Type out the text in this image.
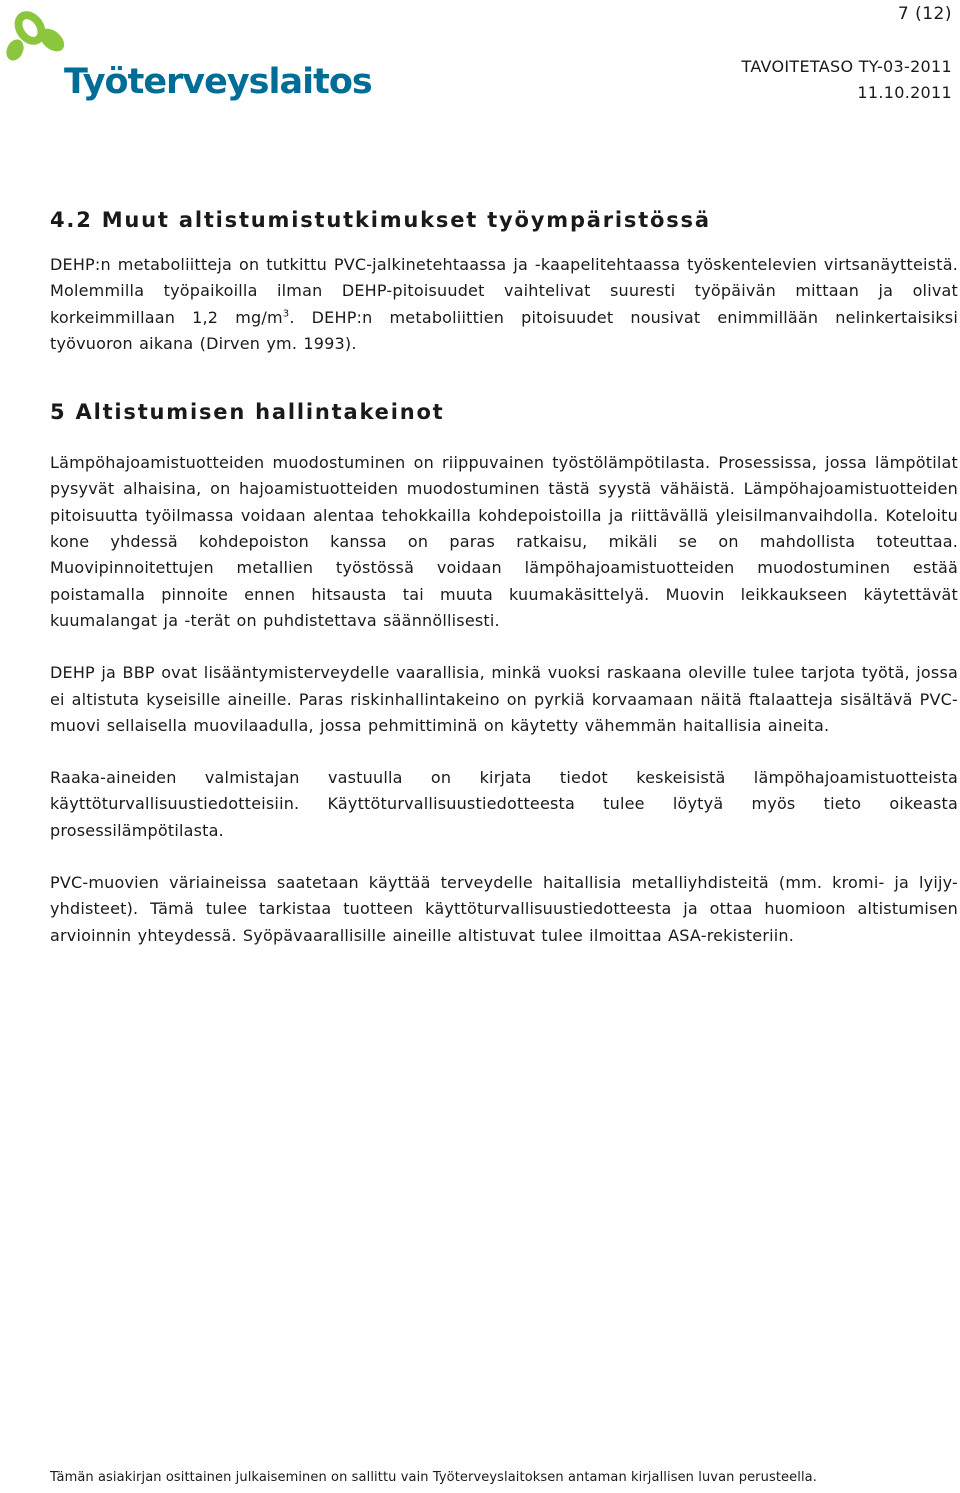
Työterveyslaitos
7 (12)
TAVOITETASO TY-03-2011
11.10.2011
4.2 Muut altistumistutkimukset työympäristössä

DEHP:n metaboliitteja on tutkittu PVC-jalkinetehtaassa ja -kaapelitehtaassa työskentelevien virtsanäytteistä. Molemmilla työpaikoilla ilman DEHP-pitoisuudet vaihtelivat suuresti työpäivän mittaan ja olivat korkeimmillaan 1,2 $mg/m^3$. DEHP:n metaboliittien pitoisuudet nousivat enimmillään nelinkertaisiksi työvuoron aikana (Dirven ym. 1993).

5 Altistumisen hallintakeinot

Lämpöhajoamistuotteiden muodostuminen on riippuvainen työstölämpötilasta. Prosessissa, jossa lämpötilat pysyvät alhaisina, on hajoamistuotteiden muodostuminen tästä syystä vähäistä. Lämpöhajoamistuotteiden pitoisuutta työilmassa voidaan alentaa tehokkailla kohdepoistoilla ja riittävällä yleisilmanvaihdolla. Koteloitu kone yhdessä kohdepoiston kanssa on paras ratkaisu, mikäli se on mahdollista toteuttaa. Muovipinnoitettujen metallien työstössä voidaan lämpöhajoamistuotteiden muodostuminen estää poistamalla pinnoite ennen hitsausta tai muuta kuumakäsittelyä. Muovin leikkaukseen käytettävät kuumalangat ja -terät on puhdistettava säännöllisesti.

DEHP ja BBP ovat lisääntymisterveydelle vaarallisia, minkä vuoksi raskaana oleville tulee tarjota työtä, jossa ei altistuta kyseisille aineille. Paras riskinhallintakeino on pyrkiä korvaamaan näitä ftalaatteja sisältävä PVC-muovi sellaisella muovilaadulla, jossa pehmittiminä on käytetty vähemmän haitallisia aineita.

Raaka-aineiden valmistajan vastuulla on kirjata tiedot keskeisistä lämpöhajoamistuotteista käyttöturvallisuustiedotteisiin. Käyttöturvallisuustiedotteesta tulee löytyä myös tieto oikeasta prosessilämpötilasta.

PVC-muovien väriaineissa saatetaan käyttää terveydelle haitallisia metalliyhdisteitä (mm. kromi- ja lyijy-yhdisteet). Tämä tulee tarkistaa tuotteen käyttöturvallisuustiedotteesta ja ottaa huomioon altistumisen arvioinnin yhteydessä. Syöpävaarallisille aineille altistuvat tulee ilmoittaa ASA-rekisteriin.

Tämän asiakirjan osittainen julkaiseminen on sallittu vain Työterveyslaitoksen antaman kirjallisen luvan perusteella.
